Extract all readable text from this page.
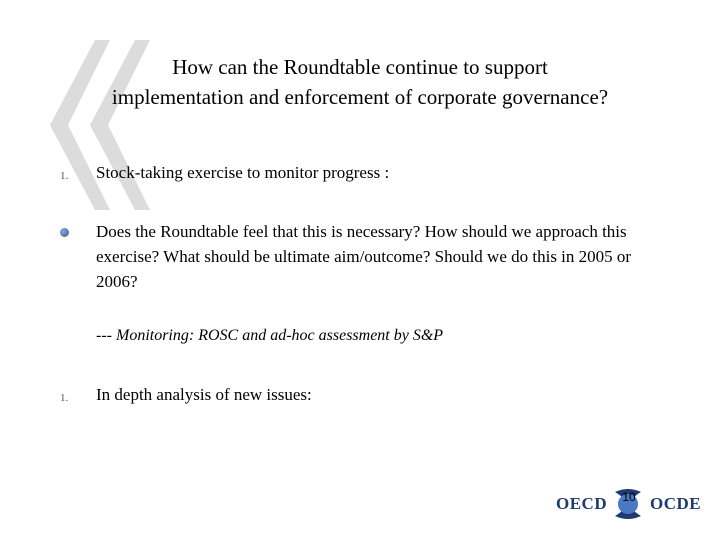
How can the Roundtable continue to support implementation and enforcement of corporate governance?
1. Stock-taking exercise to monitor progress :
Does the Roundtable feel that this is necessary? How should we approach this exercise? What should be ultimate aim/outcome? Should we do this in 2005 or 2006?
--- Monitoring: ROSC and ad-hoc assessment by S&P
1. In depth analysis of new issues:
OECD 10 OCDE
